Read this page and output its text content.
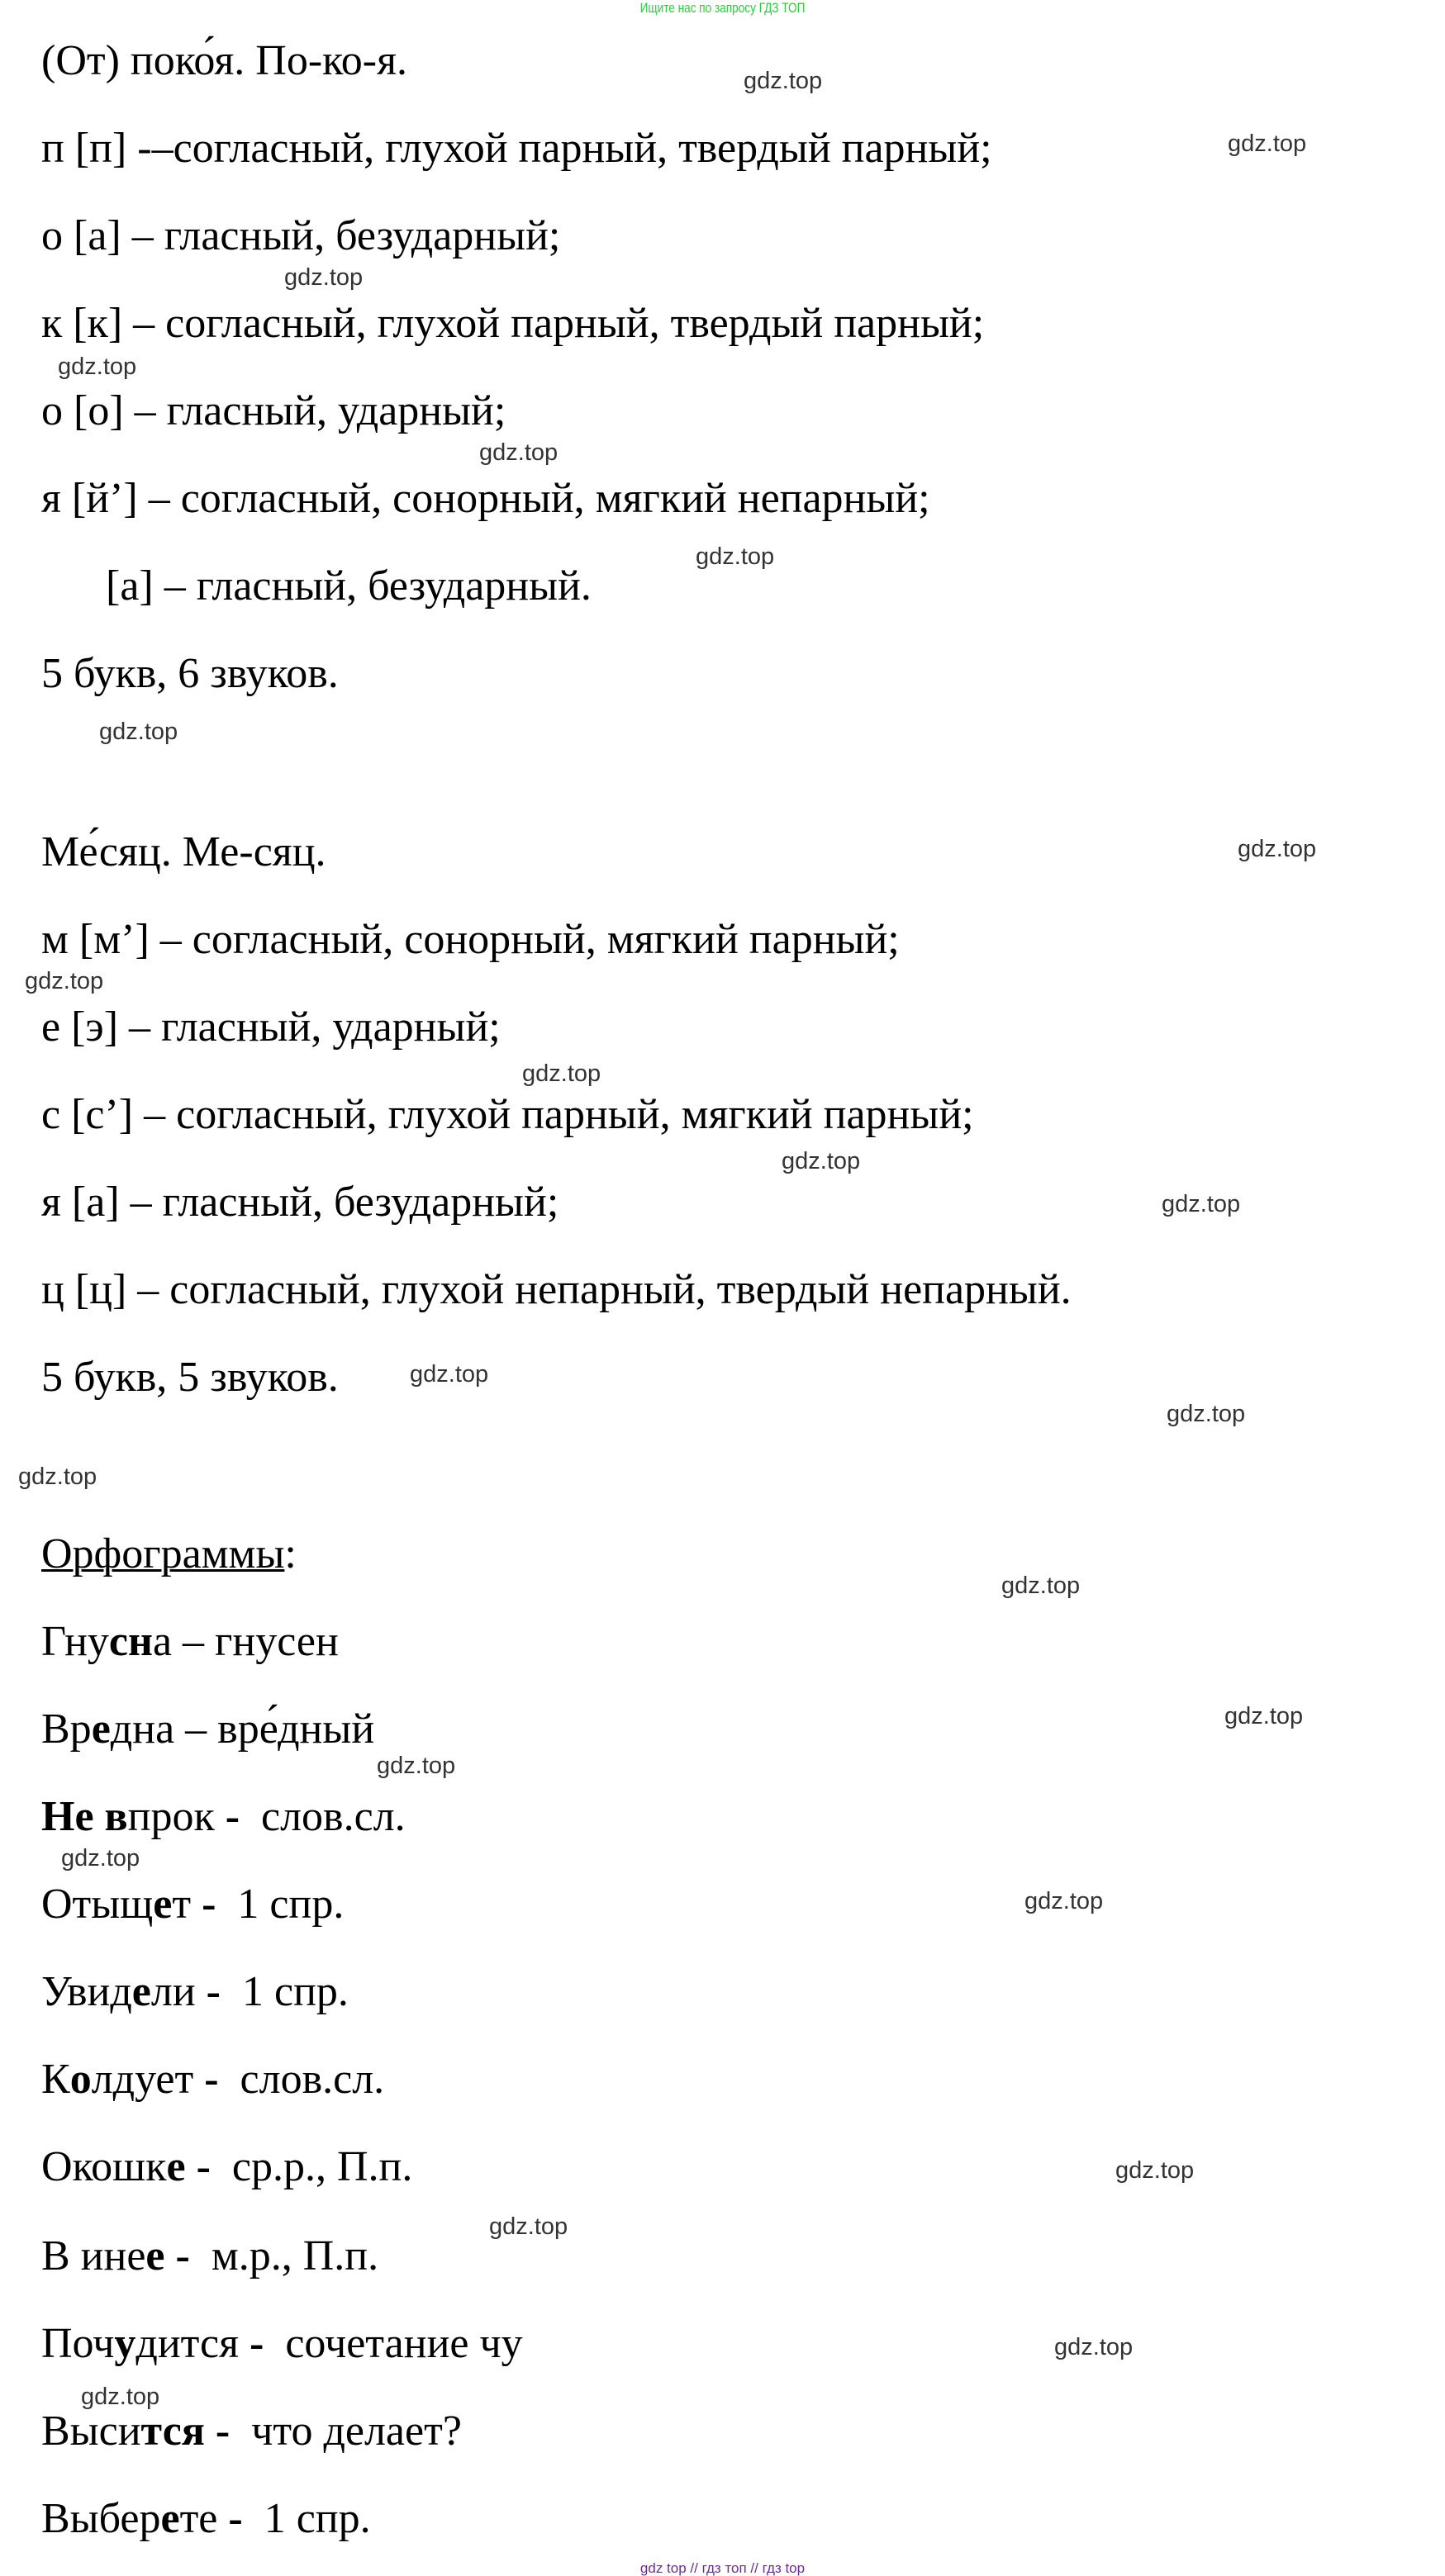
Ищите нас по запросу ГДЗ ТОП
(От) поко́я. По-ко-я.
п [п] -–согласный, глухой парный, твердый парный;
о [а] – гласный, безударный;
к [к] – согласный, глухой парный, твердый парный;
о [о] – гласный, ударный;
я [й’] – согласный, сонорный, мягкий непарный;
[а] – гласный, безударный.
5 букв, 6 звуков.
Ме́сяц. Ме-сяц.
м [м’] – согласный, сонорный, мягкий парный;
е [э] – гласный, ударный;
с [с’] – согласный, глухой парный, мягкий парный;
я [а] – гласный, безударный;
ц [ц] – согласный, глухой непарный, твердый непарный.
5 букв, 5 звуков.
Орфограммы:
Гнусна – гнусен
Вредна – вре́дный
Не впрок -  слов.сл.
Отыщет -  1 спр.
Увидели -  1 спр.
Колдует -  слов.сл.
Окошке -  ср.р., П.п.
В инее -  м.р., П.п.
Почудится -  сочетание чу
Высится -  что делает?
Выберете -  1 спр.
gdz.top
gdz.top
gdz.top
gdz.top
gdz.top
gdz.top
gdz.top
gdz.top
gdz.top
gdz.top
gdz.top
gdz.top
gdz.top
gdz.top
gdz.top
gdz.top
gdz.top
gdz.top
gdz.top
gdz.top
gdz.top
gdz.top
gdz.top
gdz.top
gdz top // гдз топ // гдз top
